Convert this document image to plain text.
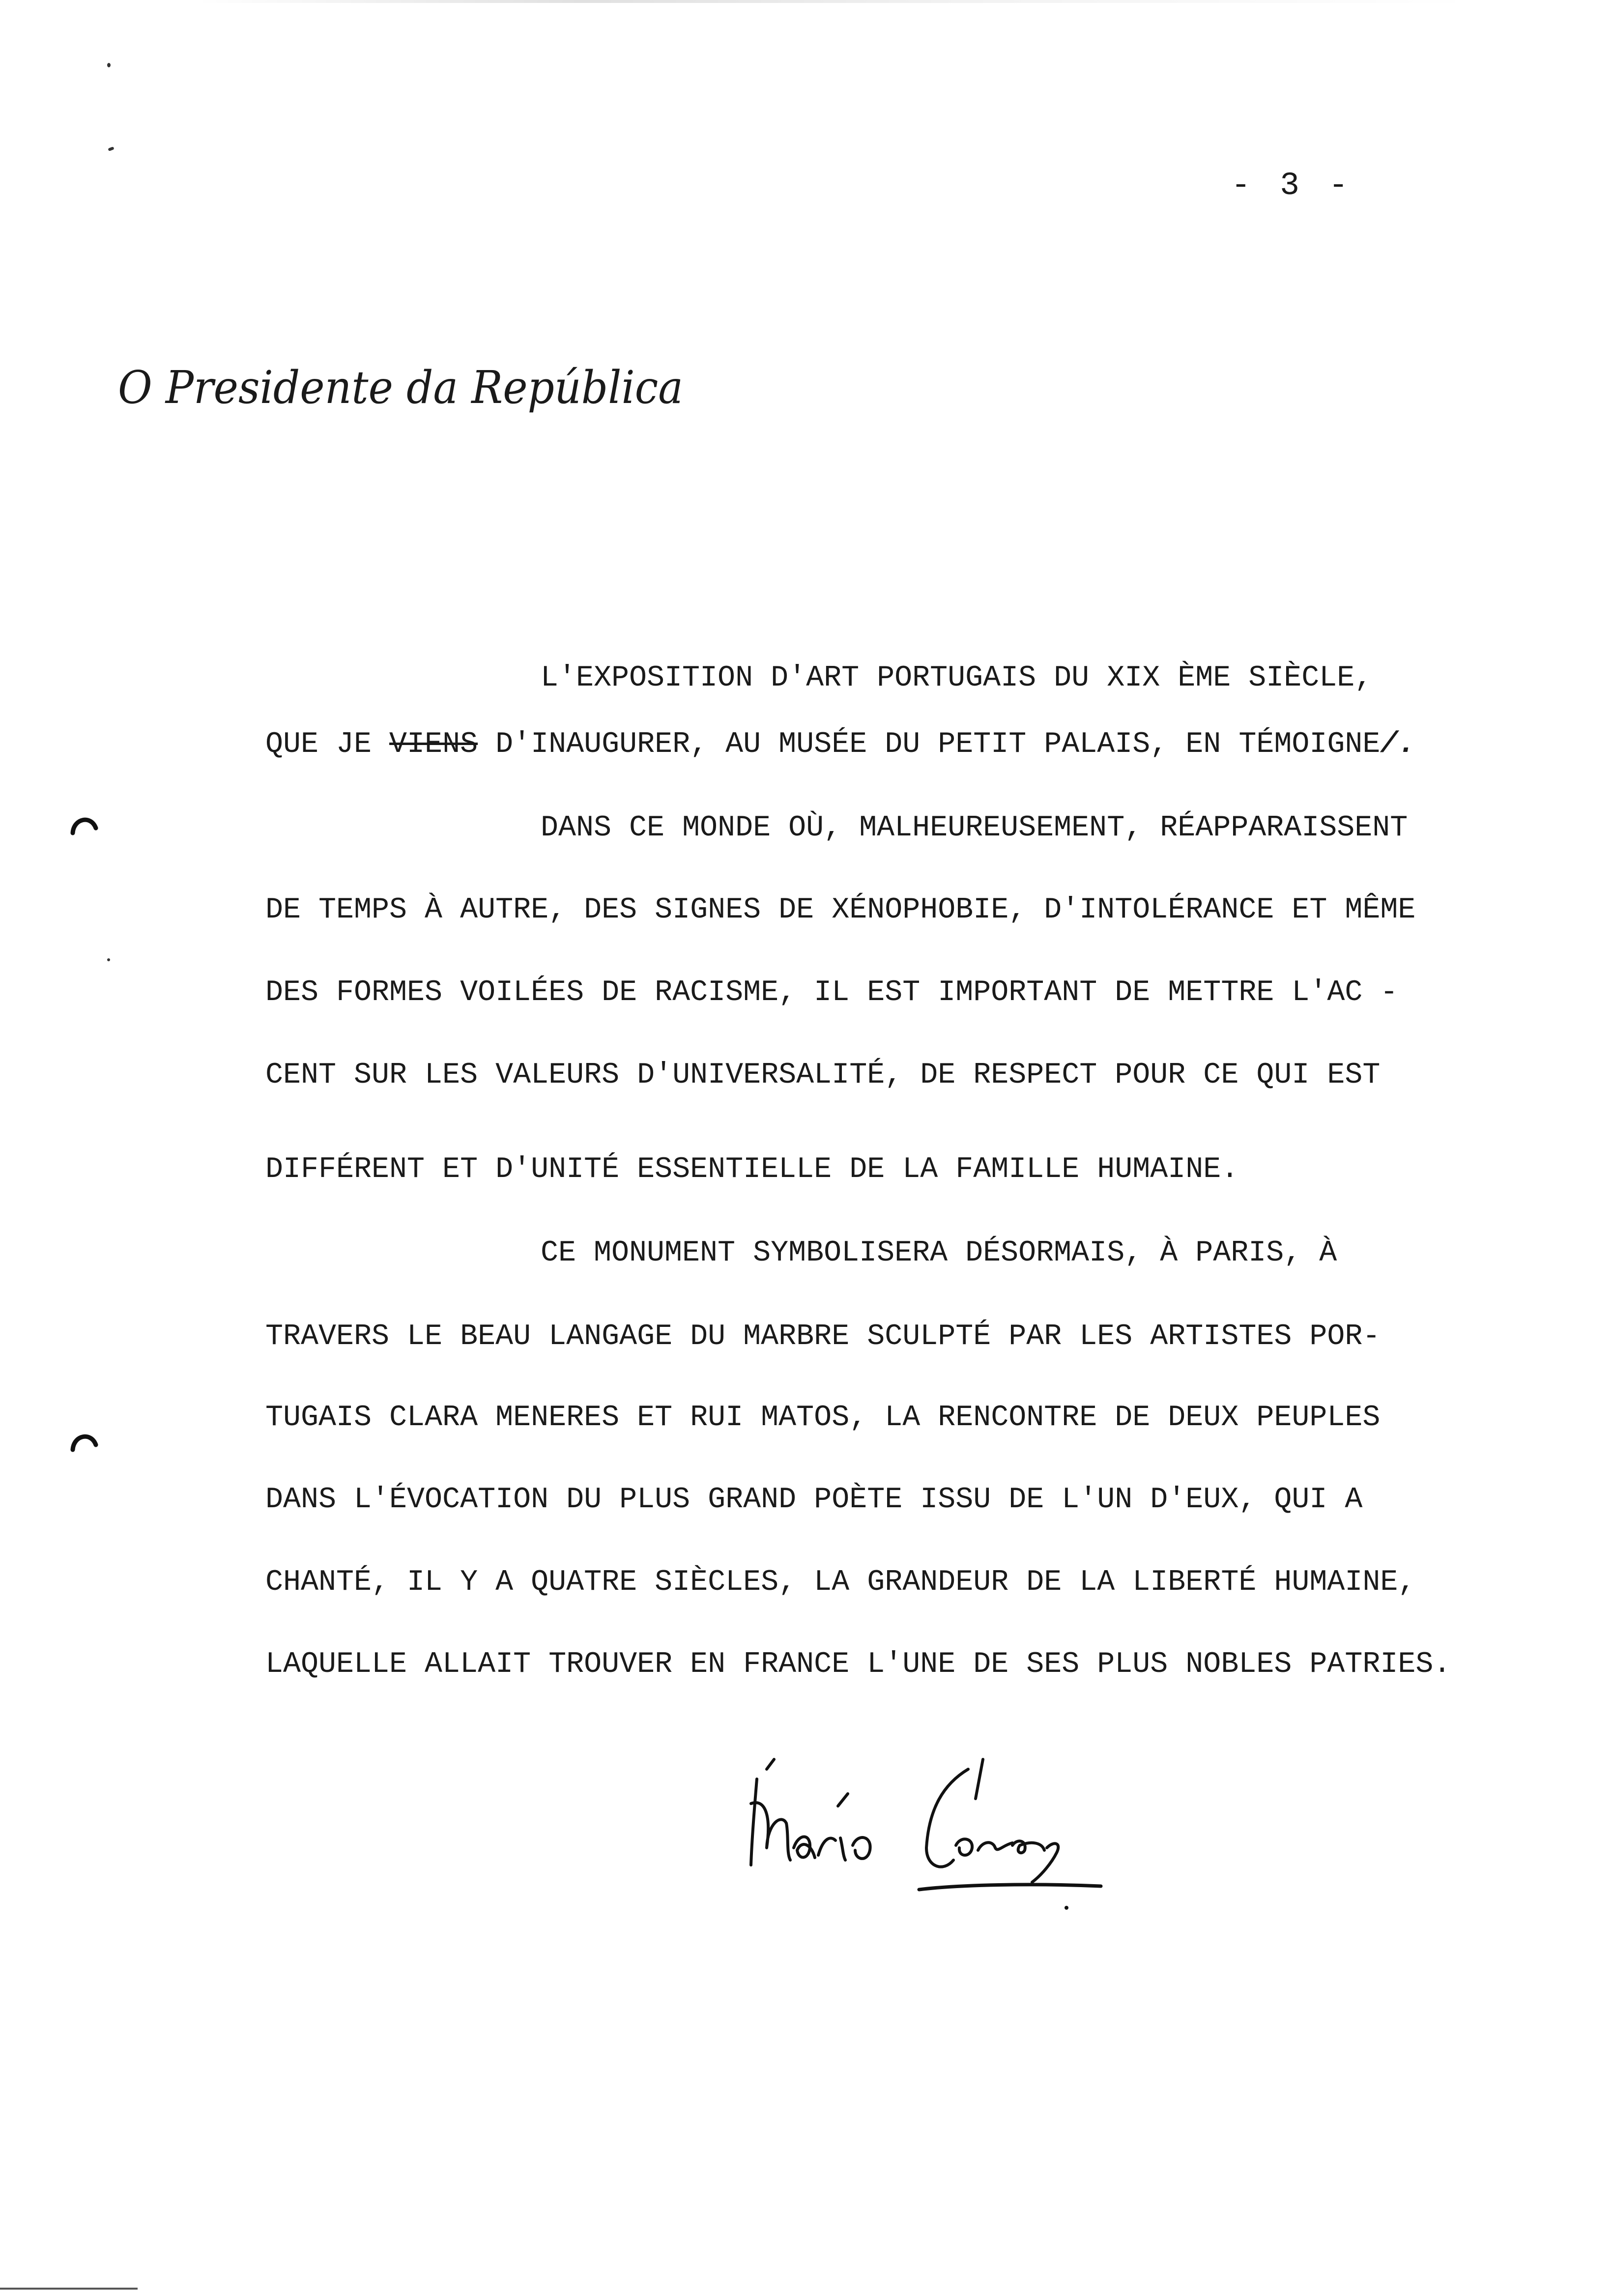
- 3 -
O Presidente da República

L'EXPOSITION D'ART PORTUGAIS DU XIX ÈME SIÈCLE,

QUE JE VIENS D'INAUGURER, AU MUSÉE DU PETIT PALAIS, EN TÉMOIGNE/.

DANS CE MONDE OÙ, MALHEUREUSEMENT, RÉAPPARAISSENT

DE TEMPS À AUTRE, DES SIGNES DE XÉNOPHOBIE, D'INTOLÉRANCE ET MÊME

DES FORMES VOILÉES DE RACISME, IL EST IMPORTANT DE METTRE L'AC -

CENT SUR LES VALEURS D'UNIVERSALITÉ, DE RESPECT POUR CE QUI EST

DIFFÉRENT ET D'UNITÉ ESSENTIELLE DE LA FAMILLE HUMAINE.

CE MONUMENT SYMBOLISERA DÉSORMAIS, À PARIS, À

TRAVERS LE BEAU LANGAGE DU MARBRE SCULPTÉ PAR LES ARTISTES POR-

TUGAIS CLARA MENERES ET RUI MATOS, LA RENCONTRE DE DEUX PEUPLES

DANS L'ÉVOCATION DU PLUS GRAND POÈTE ISSU DE L'UN D'EUX, QUI A

CHANTÉ, IL Y A QUATRE SIÈCLES, LA GRANDEUR DE LA LIBERTÉ HUMAINE,

LAQUELLE ALLAIT TROUVER EN FRANCE L'UNE DE SES PLUS NOBLES PATRIES.
